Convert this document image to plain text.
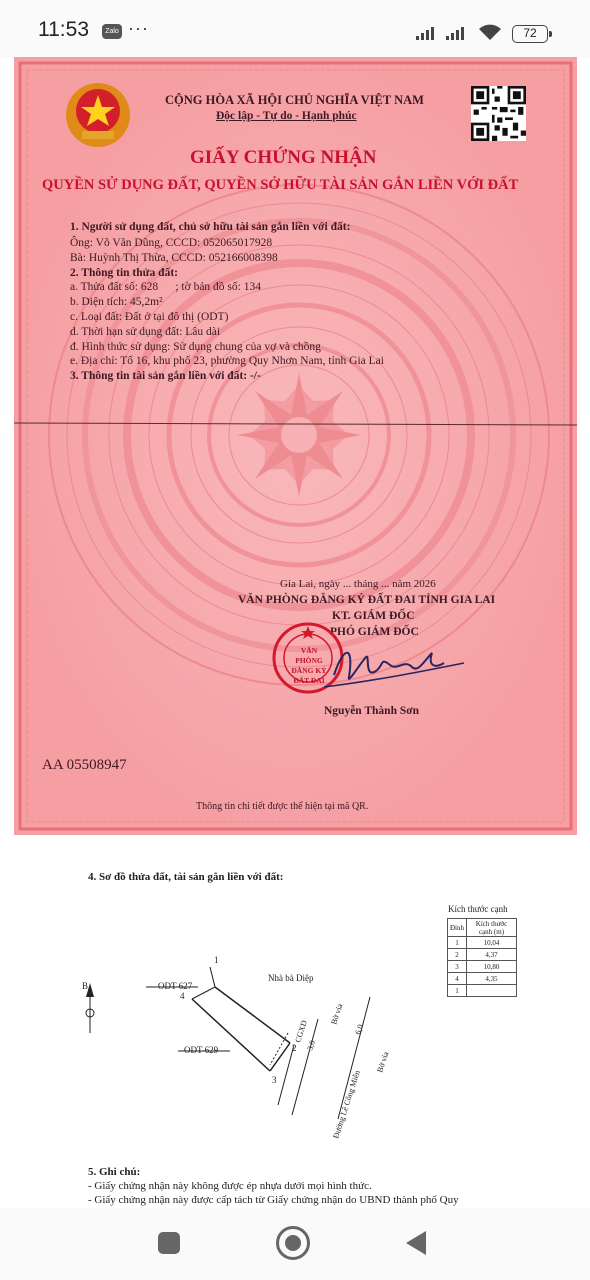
11:53	Zalo ···	72
CỘNG HÒA XÃ HỘI CHỦ NGHĨA VIỆT NAM
Độc lập - Tự do - Hạnh phúc
GIẤY CHỨNG NHẬN
QUYỀN SỬ DỤNG ĐẤT, QUYỀN SỞ HỮU TÀI SẢN GẮN LIỀN VỚI ĐẤT
1. Người sử dụng đất, chủ sở hữu tài sản gắn liền với đất:
Ông: Võ Văn Dũng, CCCD: 052065017928
Bà: Huỳnh Thị Thừa, CCCD: 052166008398
2. Thông tin thửa đất:
a. Thửa đất số: 628      ; tờ bản đồ số: 134
b. Diện tích: 45,2m²
c. Loại đất: Đất ở tại đô thị (ODT)
d. Thời hạn sử dụng đất: Lâu dài
đ. Hình thức sử dụng: Sử dụng chung của vợ và chồng
e. Địa chỉ: Tổ 16, khu phố 23, phường Quy Nhơn Nam, tỉnh Gia Lai
3. Thông tin tài sản gắn liền với đất: -/-
Gia Lai, ngày ... tháng ... năm 2026
VĂN PHÒNG ĐĂNG KÝ ĐẤT ĐAI TỈNH GIA LAI
KT. GIÁM ĐỐC
PHÓ GIÁM ĐỐC
VĂN PHÒNG ĐĂNG KÝ ĐẤT ĐAI
Nguyễn Thành Sơn
AA 05508947
Thông tin chi tiết được thể hiện tại mã QR.
4. Sơ đồ thửa đất, tài sản gắn liền với đất:
Kích thước cạnh
Đỉnh	Kích thước cạnh (m)
1	10,04
2	4,37
3	10,80
4	4,35
1	
1
2
3
4
Nhà bà Diệp
ODT-627
ODT-629
B
CGXD
3,0
6,0
Bờ vỉa
Bờ vỉa
Đường Lê Công Miễn
5. Ghi chú:
- Giấy chứng nhận này không được ép nhựa dưới mọi hình thức.
- Giấy chứng nhận này được cấp tách từ Giấy chứng nhận do UBND thành phố Quy
